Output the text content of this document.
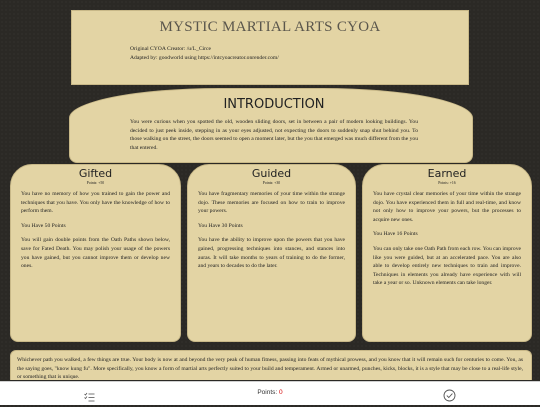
MYSTIC MARTIAL ARTS CYOA
Original CYOA Creator: /u/L_Circe
Adapted by: goodworld using https://intcyoacreator.onrender.com/
INTRODUCTION
You were curious when you spotted the old, wooden sliding doors, set in between a pair of modern looking buildings. You decided to just peek inside, stepping in as your eyes adjusted, not expecting the doors to suddenly snap shut behind you. To those walking on the street, the doors seemed to open a moment later, but the you that emerged was much different from the you that entered.
Gifted
Points: +50

You have no memory of how you trained to gain the power and techniques that you have. You only have the knowledge of how to perform them.

You Have 50 Points

You will gain double points from the Oath Paths shown below, save for Fated Death. You may polish your usage of the powers you have gained, but you cannot improve them or develop new ones.

Guided
Points: +30

You have fragmentary memories of your time within the strange dojo. These memories are focused on how to train to improve your powers.

You Have 30 Points

You have the ability to improve upon the powers that you have gained, progressing techniques into stances, and stances into auras. It will take months to years of training to do the former, and years to decades to do the later.

Earned
Points: +16

You have crystal clear memories of your time within the strange dojo. You have experienced them in full and real-time, and know not only how to improve your powers, but the processes to acquire new ones.

You Have 16 Points

You can only take one Oath Path from each row. You can improve like you were guided, but at an accelerated pace. You are also able to develop entirely new techniques to train and improve. Techniques in elements you already have experience with will take a year or so. Unknown elements can take longer.

Whichever path you walked, a few things are true. Your body is now at and beyond the very peak of human fitness, passing into feats of mythical prowess, and you know that it will remain such for centuries to come. You, as the saying goes, "know kung fu". More specifically, you know a form of martial arts perfectly suited to your build and temperament. Armed or unarmed, punches, kicks, blocks, it is a style that may be close to a real-life style, or something that is unique.

Points: 0
